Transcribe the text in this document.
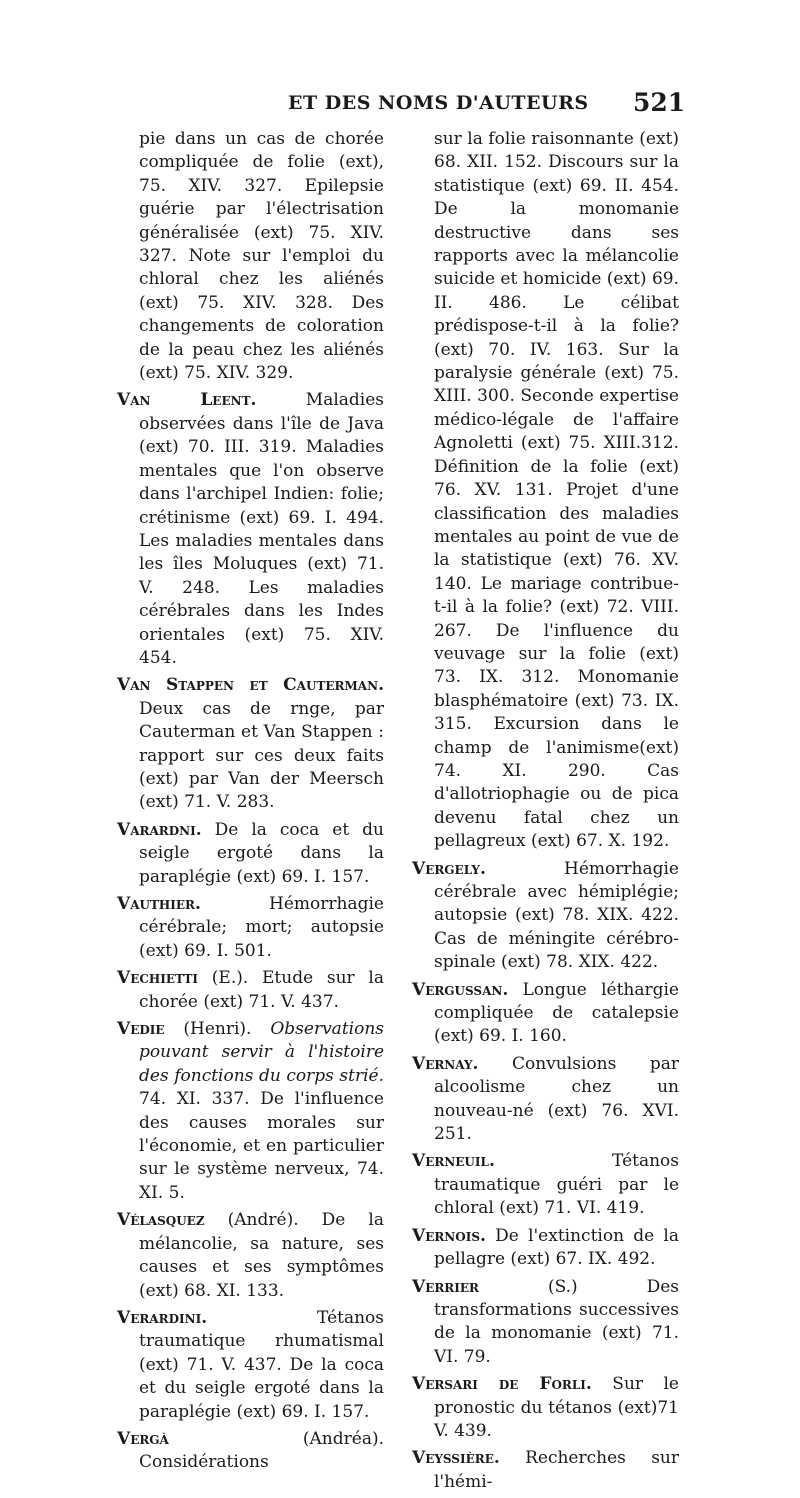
ET DES NOMS D'AUTEURS 521

pie dans un cas de chorée compliquée de folie (ext), 75. XIV. 327. Epilepsie guérie par l'électrisation généralisée (ext) 75. XIV. 327. Note sur l'emploi du chloral chez les aliénés (ext) 75. XIV. 328. Des changements de coloration de la peau chez les aliénés (ext) 75. XIV. 329.

Van Leent. Maladies observées dans l'île de Java (ext) 70. III. 319. Maladies mentales que l'on observe dans l'archipel Indien: folie; crétinisme (ext) 69. I. 494. Les maladies mentales dans les îles Moluques (ext) 71. V. 248. Les maladies cérébrales dans les Indes orientales (ext) 75. XIV. 454.

Van Stappen et Cauterman. Deux cas de rnge, par Cauterman et Van Stappen : rapport sur ces deux faits (ext) par Van der Meersch (ext) 71. V. 283.

Varardni. De la coca et du seigle ergoté dans la paraplégie (ext) 69. I. 157.

Vauthier. Hémorrhagie cérébrale; mort; autopsie (ext) 69. I. 501.

Vechietti (E.). Etude sur la chorée (ext) 71. V. 437.

Vedie (Henri). Observations pouvant servir à l'histoire des fonctions du corps strié. 74. XI. 337. De l'influence des causes morales sur l'économie, et en particulier sur le système nerveux, 74. XI. 5.

Vélasquez (André). De la mélancolie, sa nature, ses causes et ses symptômes (ext) 68. XI. 133.

Verardini. Tétanos traumatique rhumatismal (ext) 71. V. 437. De la coca et du seigle ergoté dans la paraplégie (ext) 69. I. 157.

Vergà (Andréa). Considérations

sur la folie raisonnante (ext) 68. XII. 152. Discours sur la statistique (ext) 69. II. 454. De la monomanie destructive dans ses rapports avec la mélancolie suicide et homicide (ext) 69. II. 486. Le célibat prédispose-t-il à la folie? (ext) 70. IV. 163. Sur la paralysie générale (ext) 75. XIII. 300. Seconde expertise médico-légale de l'affaire Agnoletti (ext) 75. XIII.312. Définition de la folie (ext) 76. XV. 131. Projet d'une classification des maladies mentales au point de vue de la statistique (ext) 76. XV. 140. Le mariage contribue-t-il à la folie? (ext) 72. VIII. 267. De l'influence du veuvage sur la folie (ext) 73. IX. 312. Monomanie blasphématoire (ext) 73. IX. 315. Excursion dans le champ de l'animisme(ext) 74. XI. 290. Cas d'allotriophagie ou de pica devenu fatal chez un pellagreux (ext) 67. X. 192.

Vergely. Hémorrhagie cérébrale avec hémiplégie; autopsie (ext) 78. XIX. 422. Cas de méningite cérébro-spinale (ext) 78. XIX. 422.

Vergussan. Longue léthargie compliquée de catalepsie (ext) 69. I. 160.

Vernay. Convulsions par alcoolisme chez un nouveau-né (ext) 76. XVI. 251.

Verneuil. Tétanos traumatique guéri par le chloral (ext) 71. VI. 419.

Vernois. De l'extinction de la pellagre (ext) 67. IX. 492.

Verrier (S.) Des transformations successives de la monomanie (ext) 71. VI. 79.

Versari de Forli. Sur le pronostic du tétanos (ext)71 V. 439.

Veyssière. Recherches sur l'hémi-
